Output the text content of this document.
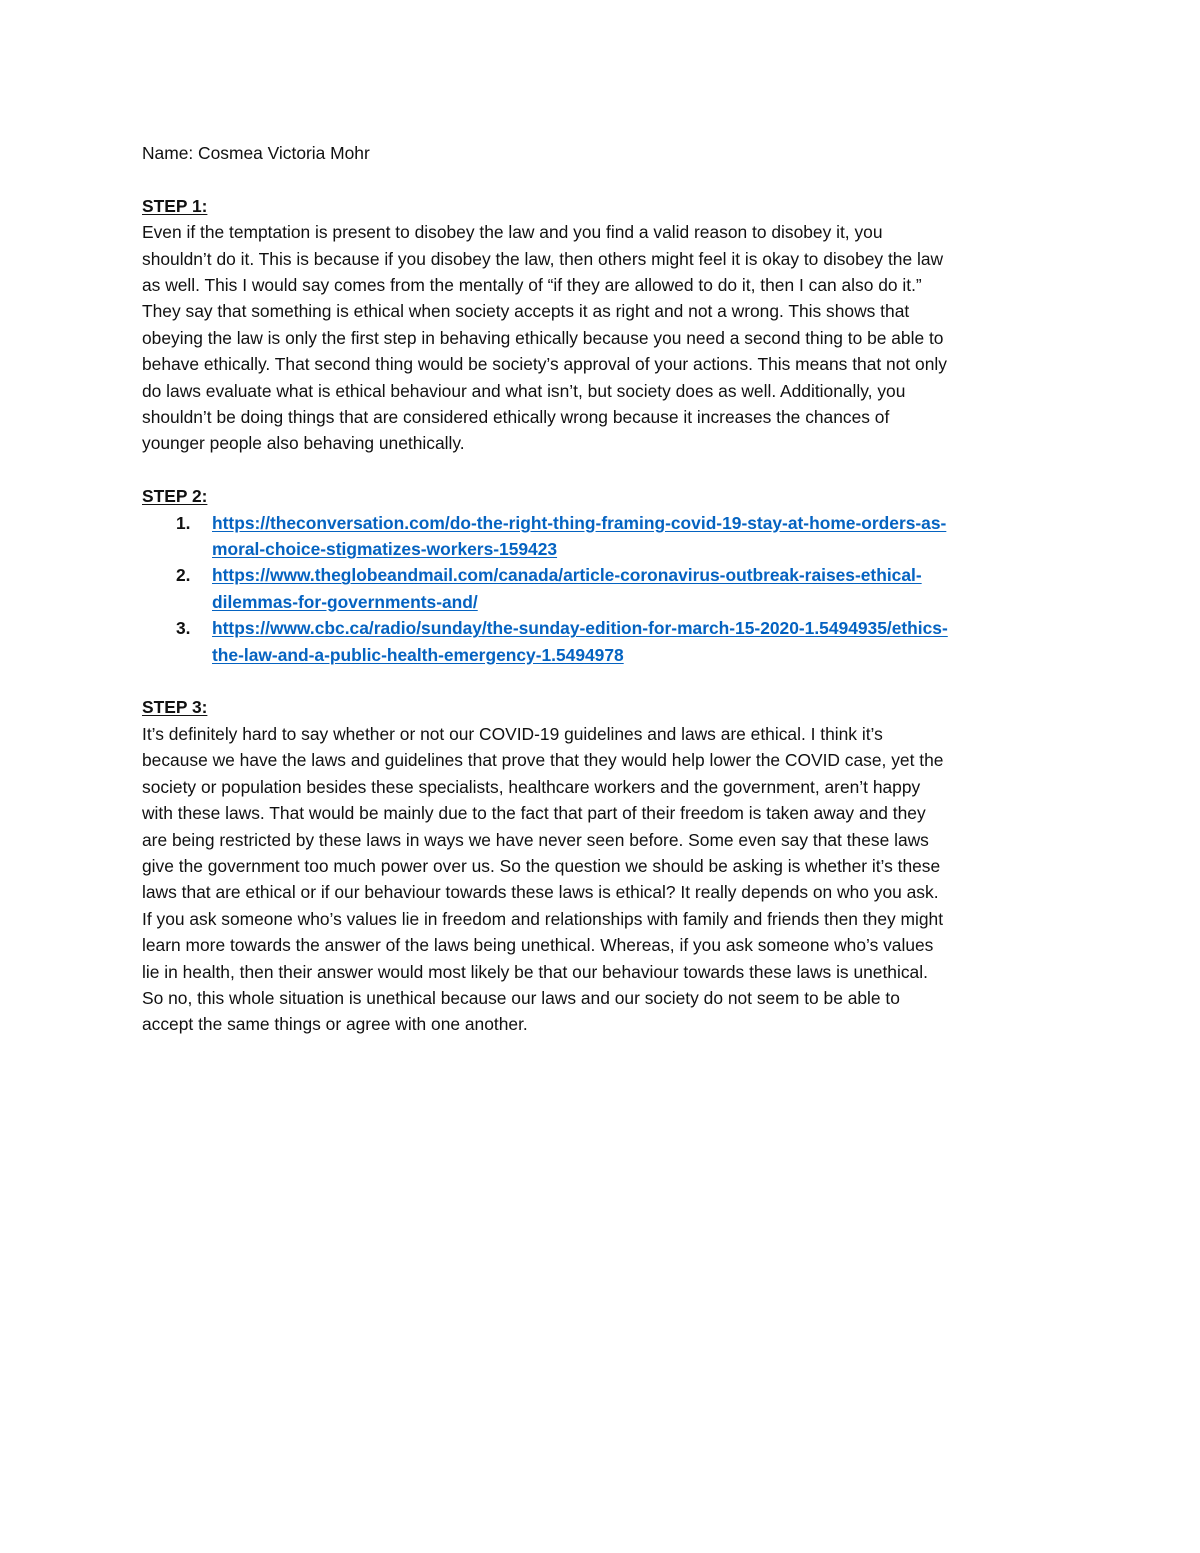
Name: Cosmea Victoria Mohr
STEP 1:
Even if the temptation is present to disobey the law and you find a valid reason to disobey it, you
shouldn’t do it. This is because if you disobey the law, then others might feel it is okay to disobey the law
as well. This I would say comes from the mentally of “if they are allowed to do it, then I can also do it.”
They say that something is ethical when society accepts it as right and not a wrong. This shows that
obeying the law is only the first step in behaving ethically because you need a second thing to be able to
behave ethically. That second thing would be society’s approval of your actions. This means that not only
do laws evaluate what is ethical behaviour and what isn’t, but society does as well. Additionally, you
shouldn’t be doing things that are considered ethically wrong because it increases the chances of
younger people also behaving unethically.
STEP 2:
1.	https://theconversation.com/do-the-right-thing-framing-covid-19-stay-at-home-orders-as-
moral-choice-stigmatizes-workers-159423
2.	https://www.theglobeandmail.com/canada/article-coronavirus-outbreak-raises-ethical-
dilemmas-for-governments-and/
3.	https://www.cbc.ca/radio/sunday/the-sunday-edition-for-march-15-2020-1.5494935/ethics-
the-law-and-a-public-health-emergency-1.5494978
STEP 3:
It’s definitely hard to say whether or not our COVID-19 guidelines and laws are ethical. I think it’s
because we have the laws and guidelines that prove that they would help lower the COVID case, yet the
society or population besides these specialists, healthcare workers and the government, aren’t happy
with these laws. That would be mainly due to the fact that part of their freedom is taken away and they
are being restricted by these laws in ways we have never seen before. Some even say that these laws
give the government too much power over us. So the question we should be asking is whether it’s these
laws that are ethical or if our behaviour towards these laws is ethical? It really depends on who you ask.
If you ask someone who’s values lie in freedom and relationships with family and friends then they might
learn more towards the answer of the laws being unethical. Whereas, if you ask someone who’s values
lie in health, then their answer would most likely be that our behaviour towards these laws is unethical.
So no, this whole situation is unethical because our laws and our society do not seem to be able to
accept the same things or agree with one another.
